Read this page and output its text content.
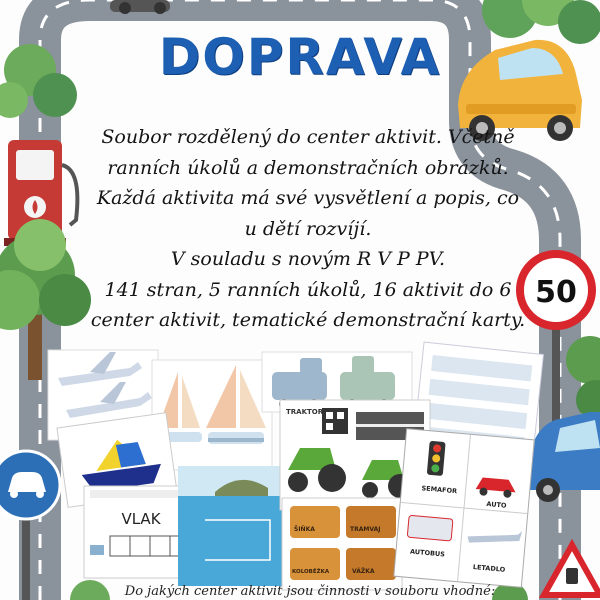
DOPRAVA

Soubor rozdělený do center aktivit. Včetně

ranních úkolů a demonstračních obrázků.

Každá aktivita má své vysvětlení a popis, co

u dětí rozvíjí.

V souladu s novým R V P PV.

141 stran, 5 ranních úkolů, 16 aktivit do 6

center aktivit, tematické demonstrační karty.

50
TRAKTOR
VLAK
SEMAFOR
AUTO
AUTOBUS
LETADLO
ŠIŇKA	TRAMVAJ
KOLOBĚŽKA	VÁŽKA
Do jakých center aktivit jsou činnosti v souboru vhodné:
